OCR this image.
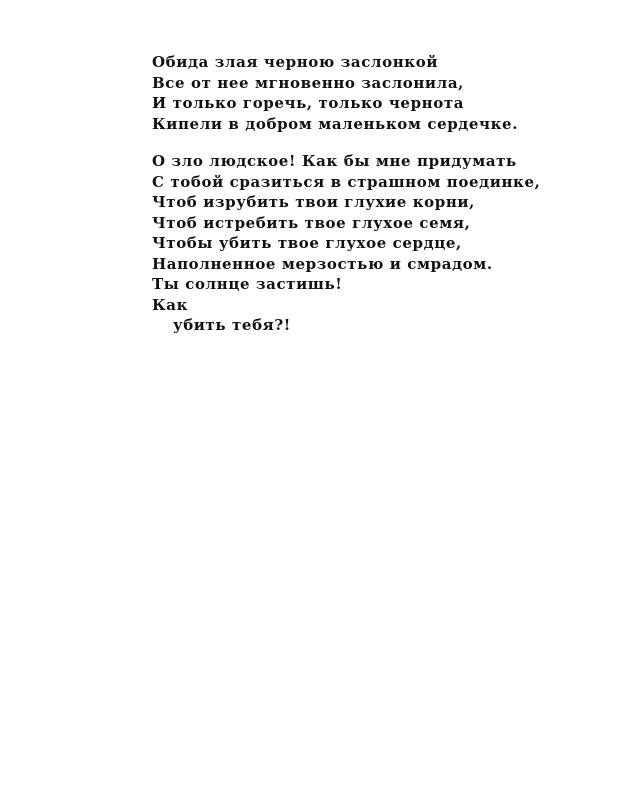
Обида злая черною заслонкой
Все от нее мгновенно заслонила,
И только горечь, только чернота
Кипели в добром маленьком сердечке.
О зло людское! Как бы мне придумать
С тобой сразиться в страшном поединке,
Чтоб изрубить твои глухие корни,
Чтоб истребить твое глухое семя,
Чтобы убить твое глухое сердце,
Наполненное мерзостью и смрадом.
Ты солнце застишь!
Как
убить тебя?!
